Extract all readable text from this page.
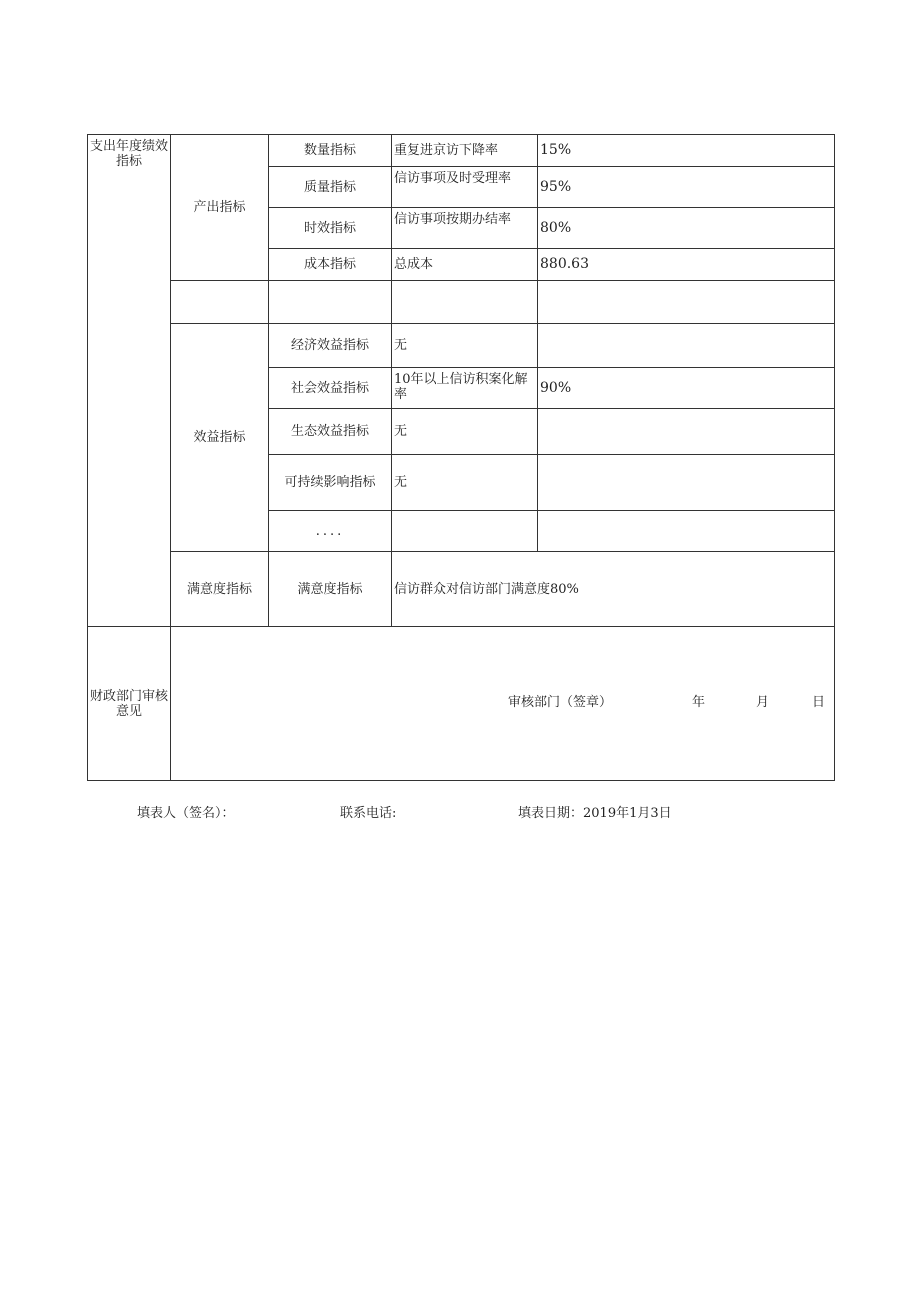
支出年度绩效指标	产出指标	数量指标	重复进京访下降率	15%
		质量指标	信访事项及时受理率	95%
		时效指标	信访事项按期办结率	80%
		成本指标	总成本	880.63

	效益指标	经济效益指标	无	
		社会效益指标	10年以上信访积案化解率	90%
		生态效益指标	无	
		可持续影响指标	无	
		....		
	满意度指标	满意度指标	信访群众对信访部门满意度80%	
财政部门审核意见	审核部门（签章） 年 月 日			
填表人（签名）：	联系电话:	填表日期：2019年1月3日
